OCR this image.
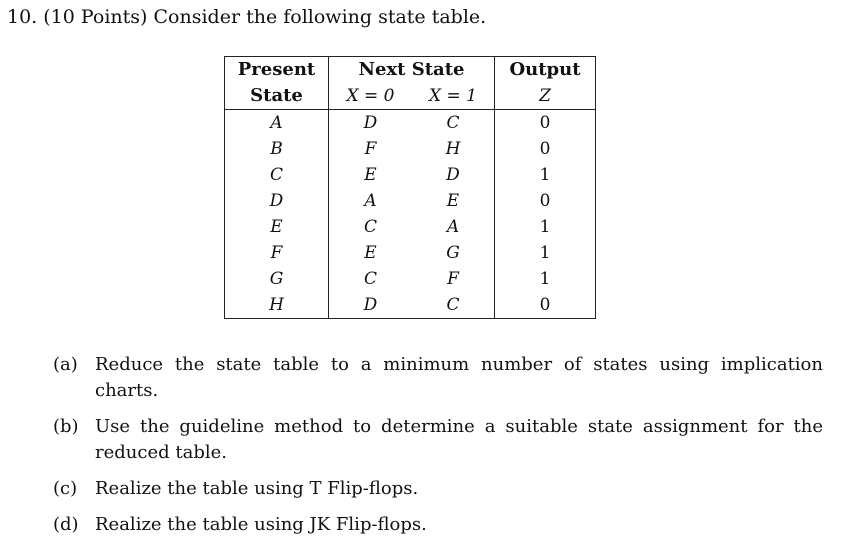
10. (10 Points) Consider the following state table.
Present	Next State		Output
State	X = 0	X = 1	Z
A	D	C	0
B	F	H	0
C	E	D	1
D	A	E	0
E	C	A	1
F	E	G	1
G	C	F	1
H	D	C	0
(a) Reduce the state table to a minimum number of states using implication charts.
(b) Use the guideline method to determine a suitable state assignment for the reduced table.
(c) Realize the table using T Flip-flops.
(d) Realize the table using JK Flip-flops.
